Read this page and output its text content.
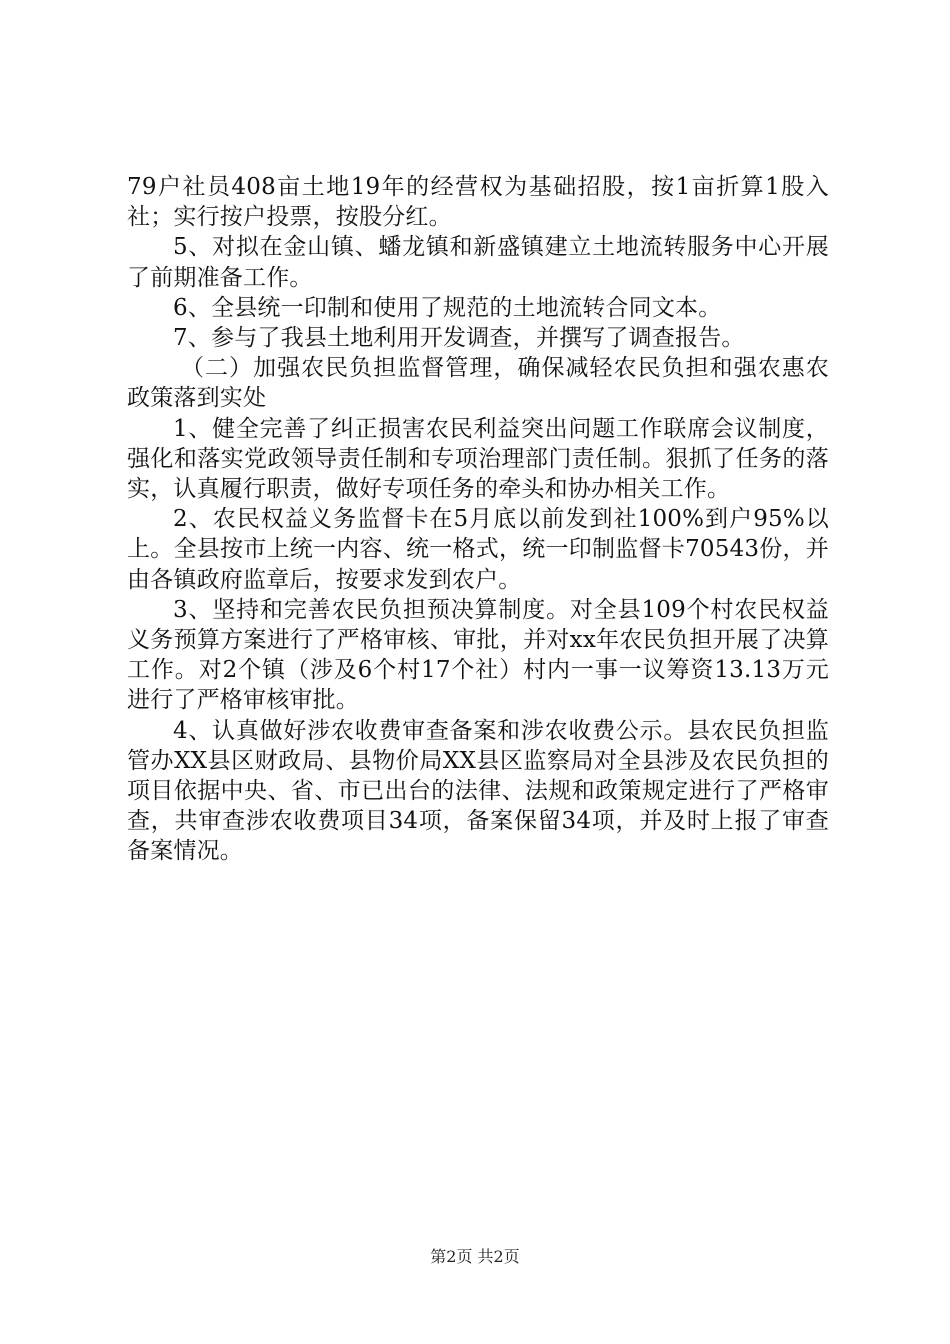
79户社员408亩土地19年的经营权为基础招股，按1亩折算1股入社；实行按户投票，按股分红。

5、对拟在金山镇、蟠龙镇和新盛镇建立土地流转服务中心开展了前期准备工作。

6、全县统一印制和使用了规范的土地流转合同文本。

7、参与了我县土地利用开发调查，并撰写了调查报告。

（二）加强农民负担监督管理，确保减轻农民负担和强农惠农政策落到实处

1、健全完善了纠正损害农民利益突出问题工作联席会议制度，强化和落实党政领导责任制和专项治理部门责任制。狠抓了任务的落实，认真履行职责，做好专项任务的牵头和协办相关工作。

2、农民权益义务监督卡在5月底以前发到社100%到户95%以上。全县按市上统一内容、统一格式，统一印制监督卡70543份，并由各镇政府监章后，按要求发到农户。

3、坚持和完善农民负担预决算制度。对全县109个村农民权益义务预算方案进行了严格审核、审批，并对xx年农民负担开展了决算工作。对2个镇（涉及6个村17个社）村内一事一议筹资13.13万元进行了严格审核审批。

4、认真做好涉农收费审查备案和涉农收费公示。县农民负担监管办XX县区财政局、县物价局XX县区监察局对全县涉及农民负担的项目依据中央、省、市已出台的法律、法规和政策规定进行了严格审查，共审查涉农收费项目34项，备案保留34项，并及时上报了审查备案情况。

第2页 共2页
